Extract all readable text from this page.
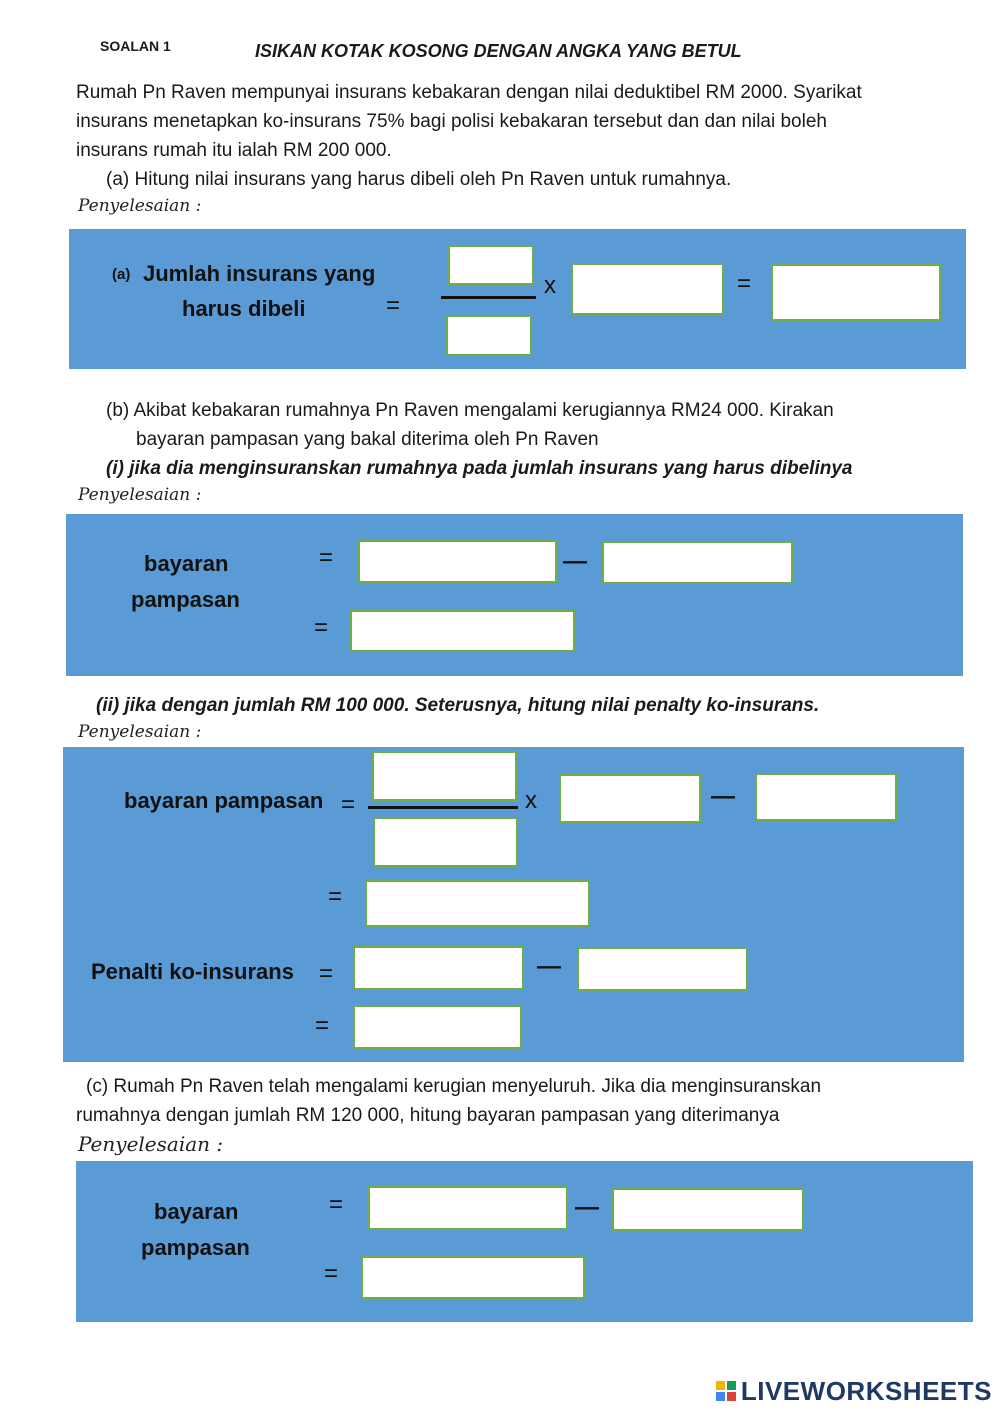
SOALAN 1	ISIKAN KOTAK KOSONG DENGAN ANGKA YANG BETUL
Rumah Pn Raven mempunyai insurans kebakaran dengan nilai deduktibel RM 2000. Syarikat
insurans menetapkan ko-insurans 75% bagi polisi kebakaran tersebut dan dan nilai boleh
insurans rumah itu ialah RM 200 000.
(a) Hitung nilai insurans yang harus dibeli oleh Pn Raven untuk rumahnya.
Penyelesaian :
(a) Jumlah insurans yang
harus dibeli	=
x	=
(b) Akibat kebakaran rumahnya Pn Raven mengalami kerugiannya RM24 000. Kirakan
bayaran pampasan yang bakal diterima oleh Pn Raven
(i) jika dia menginsuranskan rumahnya pada jumlah insurans yang harus dibelinya
Penyelesaian :
bayaran
pampasan
=	—
=
(ii) jika dengan jumlah RM 100 000. Seterusnya, hitung nilai penalty ko-insurans.
Penyelesaian :
bayaran pampasan =	x	—
=
Penalti ko-insurans =	—
=
(c) Rumah Pn Raven telah mengalami kerugian menyeluruh. Jika dia menginsuranskan
rumahnya dengan jumlah RM 120 000, hitung bayaran pampasan yang diterimanya
Penyelesaian :
bayaran
pampasan
=	—
=
LIVEWORKSHEETS
